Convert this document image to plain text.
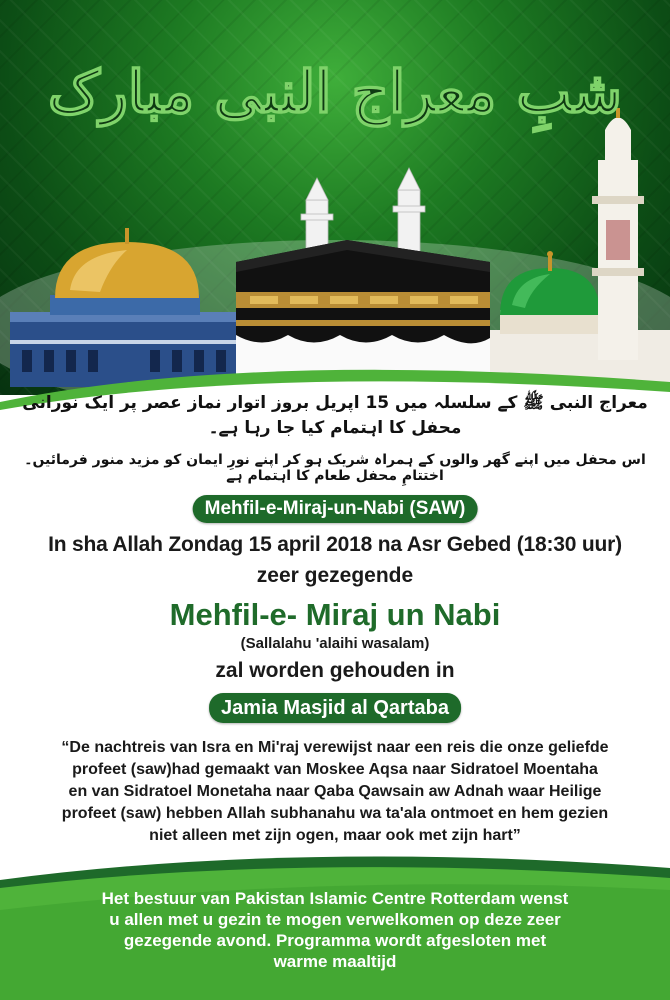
شبِ معراج النبی مبارک
معراج النبی ﷺ کے سلسلہ میں 15 اپریل بروز اتوار نماز عصر پر ایک نورانی محفل کا اہتمام کیا جا رہا ہے۔
اس محفل میں اپنے گھر والوں کے ہمراہ شریک ہو کر اپنے نورِ ایمان کو مزید منور فرمائیں۔ اختتامِ محفل طعام کا اہتمام ہے
Mehfil-e-Miraj-un-Nabi (SAW)
In sha Allah Zondag 15 april 2018 na Asr Gebed (18:30 uur)
zeer gezegende
Mehfil-e- Miraj un Nabi
(Sallalahu 'alaihi wasalam)
zal worden gehouden in
Jamia Masjid al Qartaba
“De nachtreis van Isra en Mi'raj verewijst naar een reis die onze geliefde
profeet (saw)had gemaakt van Moskee Aqsa naar Sidratoel Moentaha
en van Sidratoel Monetaha naar Qaba Qawsain aw Adnah waar Heilige
profeet (saw) hebben Allah subhanahu wa ta'ala ontmoet en hem gezien
niet alleen met zijn ogen, maar ook met zijn hart”
Het bestuur van Pakistan Islamic Centre Rotterdam wenst
u allen met u gezin te mogen verwelkomen op deze zeer
gezegende avond. Programma wordt afgesloten met
warme maaltijd
